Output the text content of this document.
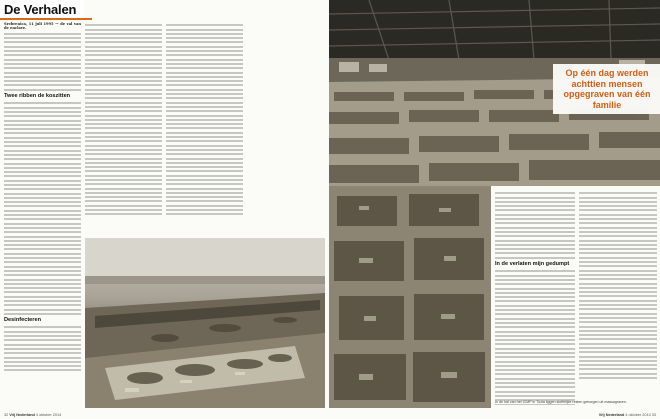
De Verhalen

Srebrenica, 11 juli 1995 — de val van de enclave.

Twee ribben de koszitten
Desinfecteren
32 Vrij Nederland 4 oktober 2014
Op één dag werden
achttien mensen
opgegraven van één
familie
In de verlaten mijn gedumpt
In de hal van het ICMP in Tuzla liggen stoffelijke resten geborgen uit massagraven.
Vrij Nederland 4 oktober 2014 33
